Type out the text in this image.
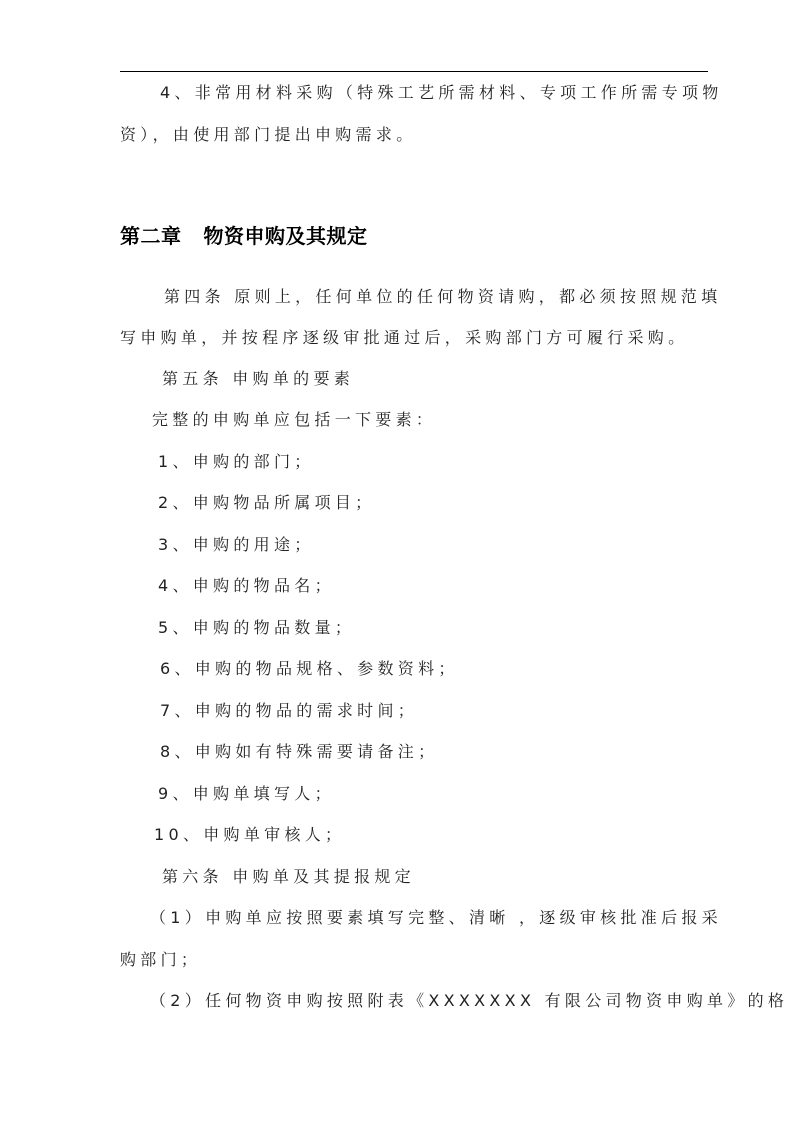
4、非常用材料采购（特殊工艺所需材料、专项工作所需专项物
资），由使用部门提出申购需求。
第二章 物资申购及其规定
第四条 原则上，任何单位的任何物资请购，都必须按照规范填
写申购单，并按程序逐级审批通过后，采购部门方可履行采购。
第五条 申购单的要素
完整的申购单应包括一下要素：
1、申购的部门；
2、申购物品所属项目；
3、申购的用途；
4、申购的物品名；
5、申购的物品数量；
6、申购的物品规格、参数资料；
7、申购的物品的需求时间；
8、申购如有特殊需要请备注；
9、申购单填写人；
10、申购单审核人；
第六条 申购单及其提报规定
（1）申购单应按照要素填写完整、清晰 ，逐级审核批准后报采
购部门；
（2）任何物资申购按照附表《XXXXXXX 有限公司物资申购单》的格
